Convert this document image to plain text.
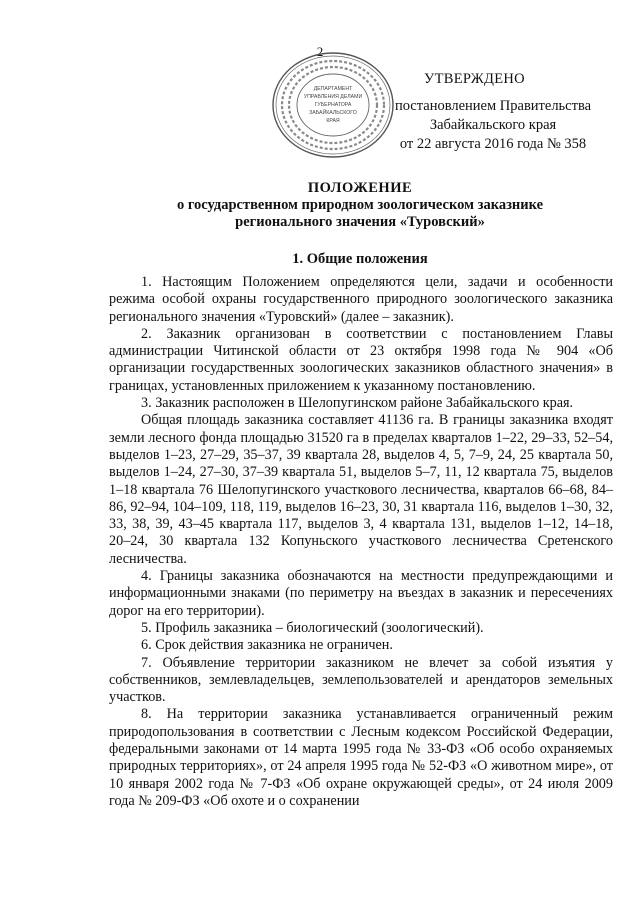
2
ДЕПАРТАМЕНТ
УПРАВЛЕНИЯ ДЕЛАМИ
ГУБЕРНАТОРА
ЗАБАЙКАЛЬСКОГО
КРАЯ
УТВЕРЖДЕНО
постановлением Правительства
Забайкальского края
от 22 августа 2016 года № 358
ПОЛОЖЕНИЕ
о государственном природном зоологическом заказнике
регионального значения «Туровский»
1. Общие положения

1. Настоящим Положением определяются цели, задачи и особенности режима особой охраны государственного природного зоологического заказника регионального значения «Туровский» (далее – заказник).

2. Заказник организован в соответствии с постановлением Главы администрации Читинской области от 23 октября 1998 года № 904 «Об организации государственных зоологических заказников областного значения» в границах, установленных приложением к указанному постановлению.

3. Заказник расположен в Шелопугинском районе Забайкальского края.

Общая площадь заказника составляет 41136 га. В границы заказника входят земли лесного фонда площадью 31520 га в пределах кварталов 1–22, 29–33, 52–54, выделов 1–23, 27–29, 35–37, 39 квартала 28, выделов 4, 5, 7–9, 24, 25 квартала 50, выделов 1–24, 27–30, 37–39 квартала 51, выделов 5–7, 11, 12 квартала 75, выделов 1–18 квартала 76 Шелопугинского участкового лесничества, кварталов 66–68, 84–86, 92–94, 104–109, 118, 119, выделов 16–23, 30, 31 квартала 116, выделов 1–30, 32, 33, 38, 39, 43–45 квартала 117, выделов 3, 4 квартала 131, выделов 1–12, 14–18, 20–24, 30 квартала 132 Копуньского участкового лесничества Сретенского лесничества.

4. Границы заказника обозначаются на местности предупреждающими и информационными знаками (по периметру на въездах в заказник и пересечениях дорог на его территории).

5. Профиль заказника – биологический (зоологический).

6. Срок действия заказника не ограничен.

7. Объявление территории заказником не влечет за собой изъятия у собственников, землевладельцев, землепользователей и арендаторов земельных участков.

8. На территории заказника устанавливается ограниченный режим природопользования в соответствии с Лесным кодексом Российской Федерации, федеральными законами от 14 марта 1995 года № 33-ФЗ «Об особо охраняемых природных территориях», от 24 апреля 1995 года № 52-ФЗ «О животном мире», от 10 января 2002 года № 7-ФЗ «Об охране окружающей среды», от 24 июля 2009 года № 209-ФЗ «Об охоте и о сохранении
